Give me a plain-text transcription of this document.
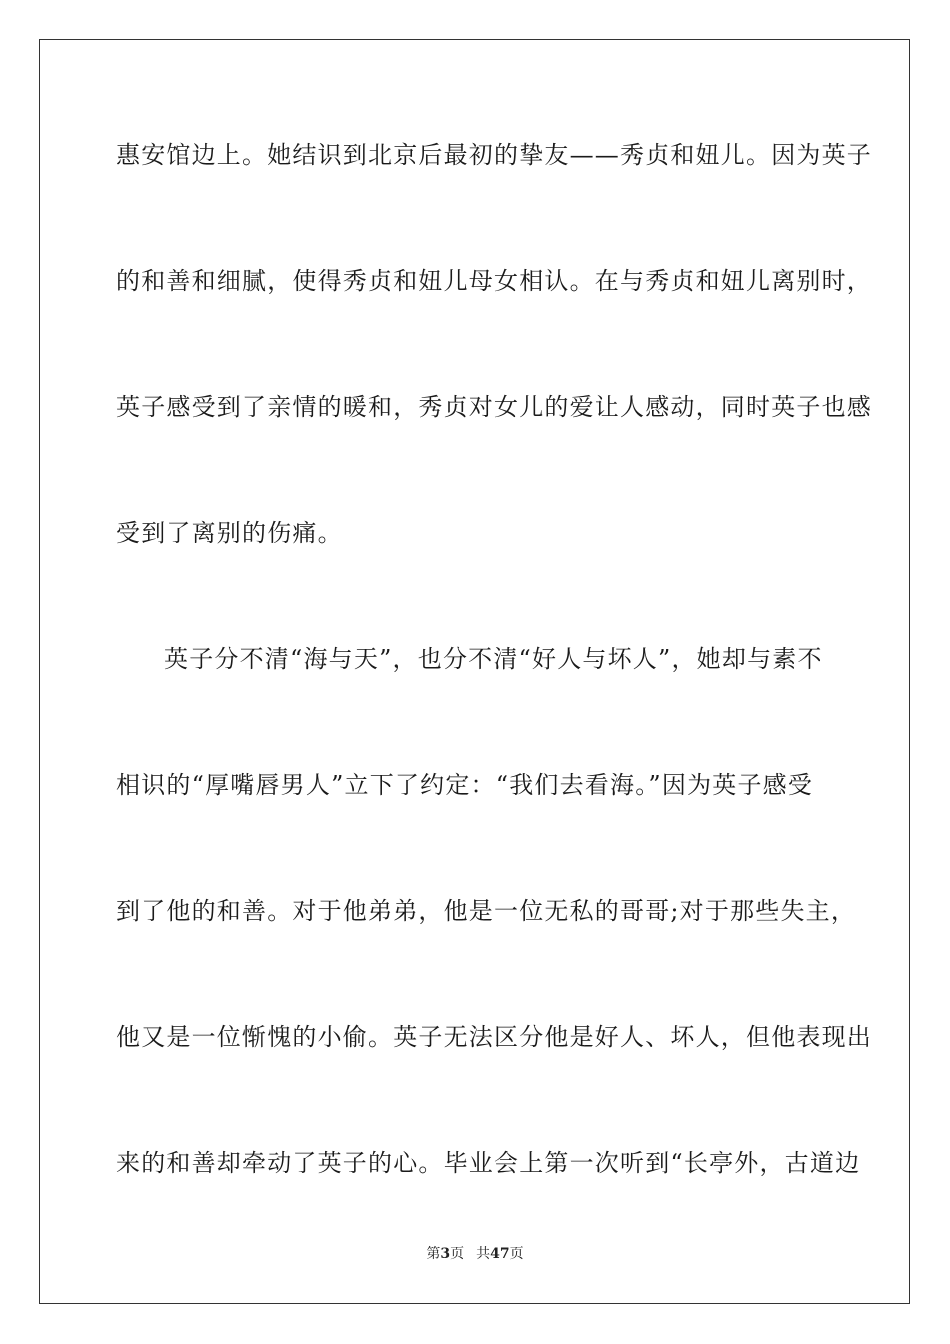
惠安馆边上。她结识到北京后最初的挚友——秀贞和妞儿。因为英子
的和善和细腻，使得秀贞和妞儿母女相认。在与秀贞和妞儿离别时，
英子感受到了亲情的暖和，秀贞对女儿的爱让人感动，同时英子也感
受到了离别的伤痛。
英子分不清“海与天”，也分不清“好人与坏人”，她却与素不
相识的“厚嘴唇男人”立下了约定：“我们去看海。”因为英子感受
到了他的和善。对于他弟弟，他是一位无私的哥哥;对于那些失主，
他又是一位惭愧的小偷。英子无法区分他是好人、坏人，但他表现出
来的和善却牵动了英子的心。毕业会上第一次听到“长亭外，古道边
第3页 共47页
